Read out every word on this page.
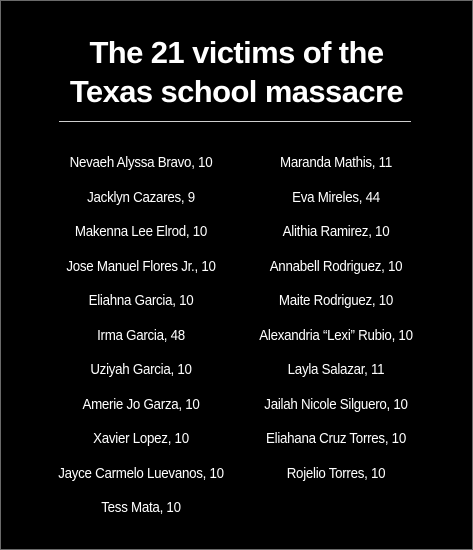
The 21 victims of the
Texas school massacre
Nevaeh Alyssa Bravo, 10
Jacklyn Cazares, 9
Makenna Lee Elrod, 10
Jose Manuel Flores Jr., 10
Eliahna Garcia, 10
Irma Garcia, 48
Uziyah Garcia, 10
Amerie Jo Garza, 10
Xavier Lopez, 10
Jayce Carmelo Luevanos, 10
Tess Mata, 10
Maranda Mathis, 11
Eva Mireles, 44
Alithia Ramirez, 10
Annabell Rodriguez, 10
Maite Rodriguez, 10
Alexandria “Lexi” Rubio, 10
Layla Salazar, 11
Jailah Nicole Silguero, 10
Eliahana Cruz Torres, 10
Rojelio Torres, 10
